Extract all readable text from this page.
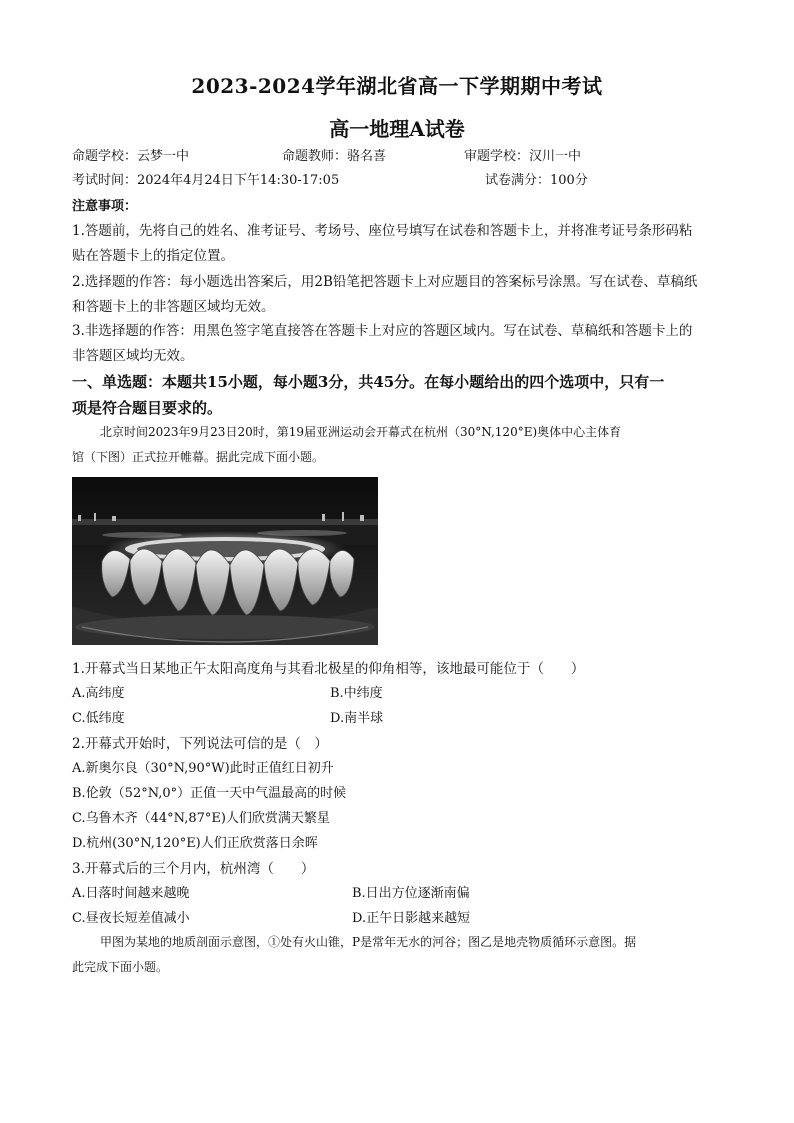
2023-2024学年湖北省高一下学期期中考试
高一地理A试卷
命题学校：云梦一中	命题教师：骆名喜	审题学校：汉川一中
考试时间：2024年4月24日下午14:30-17:05	试卷满分：100分
注意事项：
1.答题前，先将自己的姓名、准考证号、考场号、座位号填写在试卷和答题卡上，并将准考证号条形码粘
贴在答题卡上的指定位置。
2.选择题的作答：每小题选出答案后，用2B铅笔把答题卡上对应题目的答案标号涂黑。写在试卷、草稿纸
和答题卡上的非答题区域均无效。
3.非选择题的作答：用黑色签字笔直接答在答题卡上对应的答题区域内。写在试卷、草稿纸和答题卡上的
非答题区域均无效。
一、单选题：本题共15小题，每小题3分，共45分。在每小题给出的四个选项中，只有一
项是符合题目要求的。
北京时间2023年9月23日20时，第19届亚洲运动会开幕式在杭州（30°N,120°E)奥体中心主体育
馆（下图）正式拉开帷幕。据此完成下面小题。
1.开幕式当日某地正午太阳高度角与其看北极星的仰角相等，该地最可能位于（　　）
A.高纬度	B.中纬度
C.低纬度	D.南半球
2.开幕式开始时，下列说法可信的是（　）
A.新奥尔良（30°N,90°W)此时正值红日初升
B.伦敦（52°N,0°）正值一天中气温最高的时候
C.乌鲁木齐（44°N,87°E)人们欣赏满天繁星
D.杭州(30°N,120°E)人们正欣赏落日余晖
3.开幕式后的三个月内，杭州湾（　　）
A.日落时间越来越晚	B.日出方位逐渐南偏
C.昼夜长短差值减小	D.正午日影越来越短
甲图为某地的地质剖面示意图，①处有火山锥，P是常年无水的河谷；图乙是地壳物质循环示意图。据
此完成下面小题。
